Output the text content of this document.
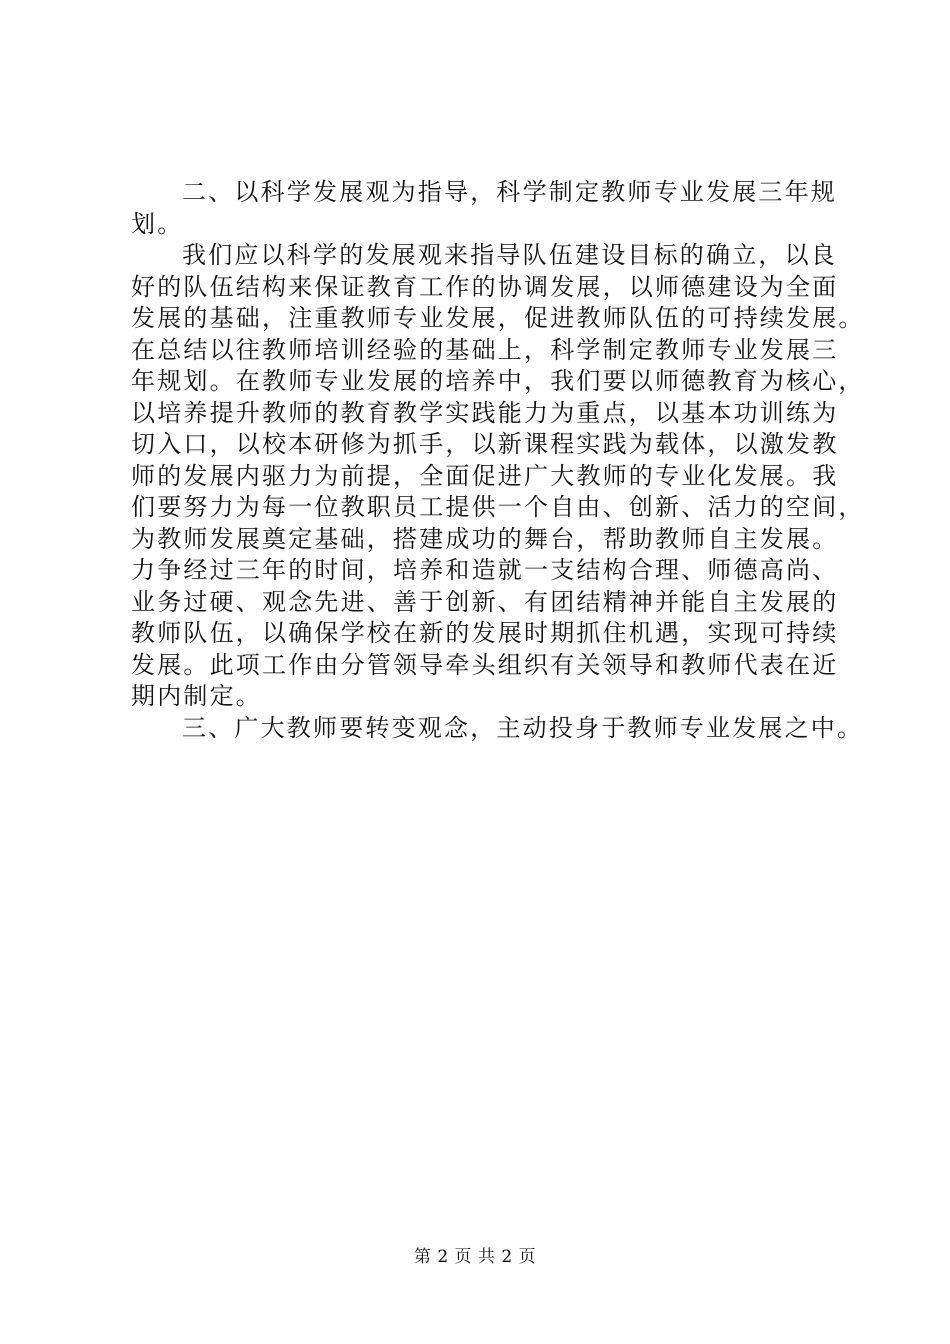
二、以科学发展观为指导，科学制定教师专业发展三年规
划。
我们应以科学的发展观来指导队伍建设目标的确立，以良
好的队伍结构来保证教育工作的协调发展，以师德建设为全面
发展的基础，注重教师专业发展，促进教师队伍的可持续发展。
在总结以往教师培训经验的基础上，科学制定教师专业发展三
年规划。在教师专业发展的培养中，我们要以师德教育为核心，
以培养提升教师的教育教学实践能力为重点，以基本功训练为
切入口，以校本研修为抓手，以新课程实践为载体，以激发教
师的发展内驱力为前提，全面促进广大教师的专业化发展。我
们要努力为每一位教职员工提供一个自由、创新、活力的空间，
为教师发展奠定基础，搭建成功的舞台，帮助教师自主发展。
力争经过三年的时间，培养和造就一支结构合理、师德高尚、
业务过硬、观念先进、善于创新、有团结精神并能自主发展的
教师队伍，以确保学校在新的发展时期抓住机遇，实现可持续
发展。此项工作由分管领导牵头组织有关领导和教师代表在近
期内制定。
三、广大教师要转变观念，主动投身于教师专业发展之中。
第 2 页 共 2 页
